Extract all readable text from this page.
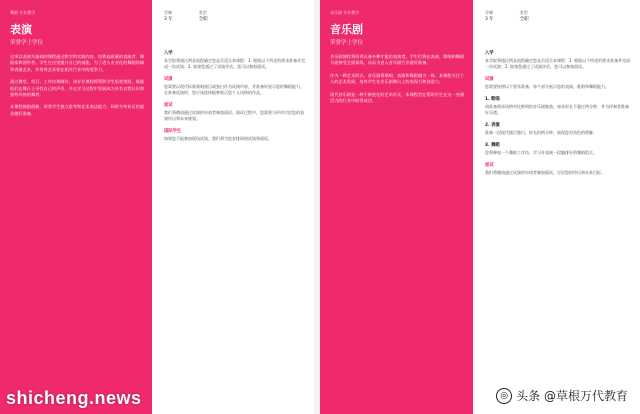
舞蹈 专业教学
表演
荣誉学士学位

这项以表演为基础的课程通过跨学科实践内容，培养高质量的表演者、舞蹈家和创作者。学生在这里提升自己的技能，为了进入专业化的舞蹈领域和表演艺术，并培养艺术家在相关行业中的竞争力。

通过课堂、项目、工作坊和制作，该专业课程将帮助学生拓宽视野，鼓励他们在舞台上寻找自己的声音，并在学习过程中发展成为具有自我认识和独特风格的舞者。

本课程鼓励创新，培养学生独立思考和艺术表达能力，同时为毕业后的就业做好准备。

学制
3 年
类型
全职
入学

本学院将通过两步流程确定您是否适合本课程：1. 根据以下所述的要求准备并完成一次试演；2. 如果您通过了试演评估，您可以参加面试。

试演

您需要以现代标准演唱曲目或独白作为试演内容，并准备好展示您的舞蹈能力。在准备试演时，您应该选择能够展示您个人风格的作品。

面试

我们将邀请通过试演的申请者参加面试。面试过程中，您需要与评审讨论您的表演经历和未来规划。

国际学生

如果您不能参加现场试演，我们将为您安排网络试演和面试。

音乐剧 专业教学
音乐剧
荣誉学士学位

音乐剧课程将培养具备多种才能的表演者。学生们将在表演、歌唱和舞蹈方面接受全面训练，从而为进入音乐剧行业做好准备。

作为一种艺术形式，音乐剧将歌唱、表演和舞蹈融为一体。本课程关注个人的艺术发展，培养学生在音乐剧舞台上的表现力和创造力。

现代音乐剧是一种不断变化的艺术形式，本课程旨在帮助学生在这一充满活力的行业中取得成功。

学制
3 年
类型
全职
入学

本学院将通过两步流程确定您是否适合本课程：1. 根据以下所述的要求准备并完成一次试演；2. 如果您通过了试演评估，您可以参加面试。

试演

您需要按照以下要求准备，每个部分展示您的表演、歌唱和舞蹈能力。

1. 歌唱

请准备两首风格对比鲜明的音乐剧歌曲，每首时长不超过两分钟，并为伴奏者准备好乐谱。

2. 表演

准备一段现代剧目独白，时长约两分钟，展现您对角色的理解。

3. 舞蹈

您将参加一个舞蹈工作坊，学习并表演一段编排好的舞蹈组合。

面试

我们将邀请通过试演的申请者参加面试，讨论您的经历和未来目标。

shicheng.news	◎ 头条 @草根万代教育
